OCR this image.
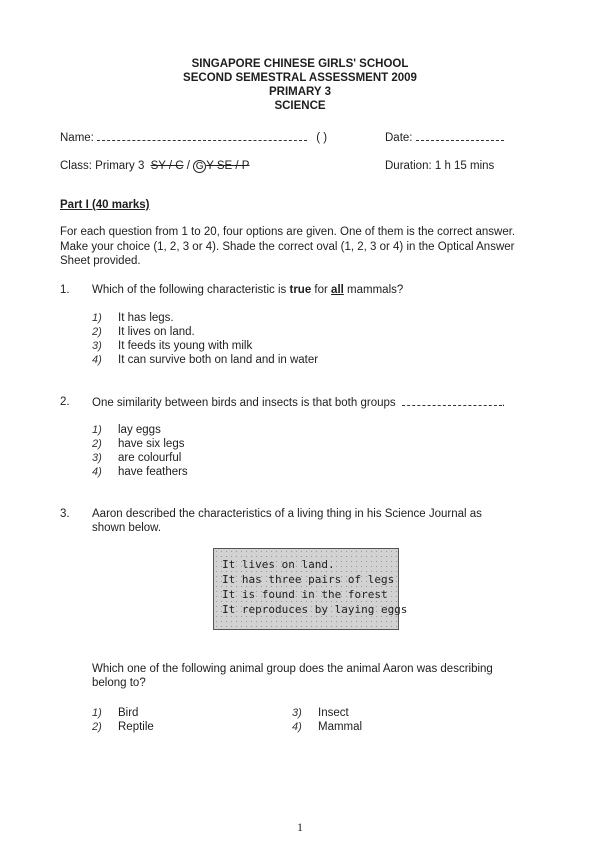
SINGAPORE CHINESE GIRLS' SCHOOL
SECOND SEMESTRAL ASSESSMENT 2009
PRIMARY 3
SCIENCE
Name:	( )	Date:
Class: Primary 3 SY / C / G Y SE / P	Duration: 1 h 15 mins
Part I (40 marks)
For each question from 1 to 20, four options are given. One of them is the correct answer. Make your choice (1, 2, 3 or 4). Shade the correct oval (1, 2, 3 or 4) in the Optical Answer Sheet provided.
1. Which of the following characteristic is true for all mammals?
1) It has legs.
2) It lives on land.
3) It feeds its young with milk
4) It can survive both on land and in water
2. One similarity between birds and insects is that both groups	.
1) lay eggs
2) have six legs
3) are colourful
4) have feathers
3. Aaron described the characteristics of a living thing in his Science Journal as
shown below.
It lives on land.
It has three pairs of legs
It is found in the forest
It reproduces by laying eggs
Which one of the following animal group does the animal Aaron was describing
belong to?
1) Bird
2) Reptile
3) Insect
4) Mammal
1
